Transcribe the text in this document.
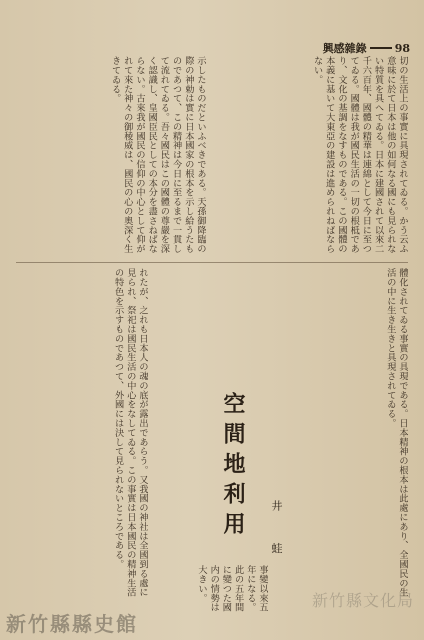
興感雜錄	98
切の生活上の事實に具現されてゐる。かう云ふ意味に於て日本は他の如何なる國にも見られない特質を具へてゐる。日本に建國されて以來二千六百年、國體の精華は連綿として今日に至つてゐる。國體は我が國民生活の一切の根柢であり、文化の基調をなすものである。この國體の本義に基いて大東亞の建設は進められねばならない。
示したものだといふべきである。天孫御降臨の際の神勅は實に日本國家の根本を示し給うたものであつて、この精神は今日に至るまで一貫して流れてゐる。吾々國民はこの國體の尊嚴を深く認識し、皇國臣民としての本分を盡さねばならない。古來我が國民の信仰の中心として仰がれて來た神々の御稜威は、國民の心の奧深く生きてゐる。
體化されてゐる事實の具現である。日本精神の根本は此處にあり、全國民の生活の中に生き生きと具現されてゐる。
れたが、之れも日本人の魂の底が露出であらう。又我國の神社は全國到る處に見られ、祭祀は國民生活の中心をなしてゐる。この事實は日本國民の精神生活の特色を示すものであつて、外國には決して見られないところである。
事變以來五年になる。此の五年間に變つた國内の情勢は大きい。
空間地利用 井 蛙
新竹縣文化局
新竹縣縣史館
